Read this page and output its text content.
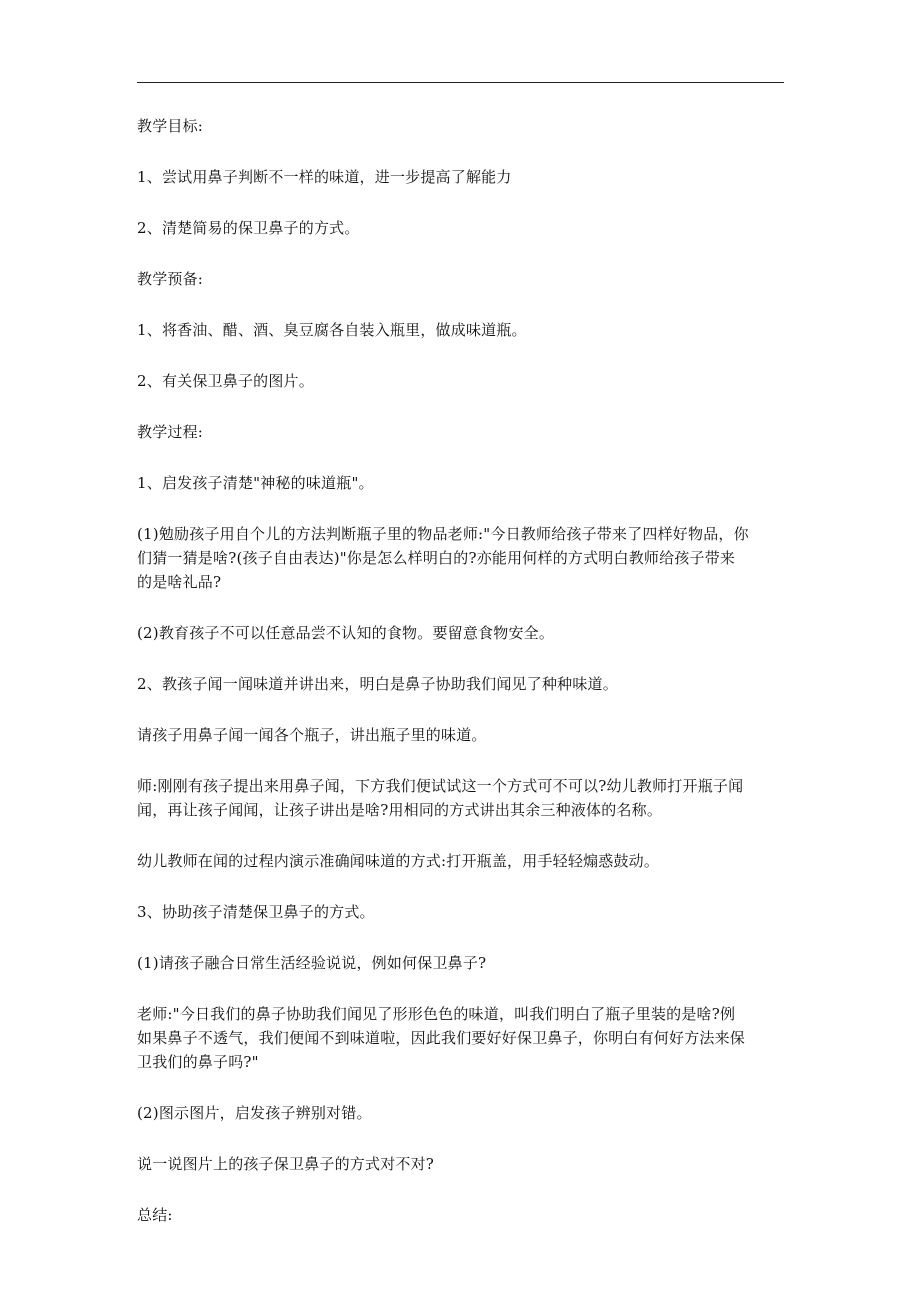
教学目标:
1、尝试用鼻子判断不一样的味道，进一步提高了解能力
2、清楚简易的保卫鼻子的方式。
教学预备:
1、将香油、醋、酒、臭豆腐各自装入瓶里，做成味道瓶。
2、有关保卫鼻子的图片。
教学过程:
1、启发孩子清楚"神秘的味道瓶"。
(1)勉励孩子用自个儿的方法判断瓶子里的物品老师:"今日教师给孩子带来了四样好物品，你
们猜一猜是啥?(孩子自由表达)"你是怎么样明白的?亦能用何样的方式明白教师给孩子带来
的是啥礼品?
(2)教育孩子不可以任意品尝不认知的食物。要留意食物安全。
2、教孩子闻一闻味道并讲出来，明白是鼻子协助我们闻见了种种味道。
请孩子用鼻子闻一闻各个瓶子，讲出瓶子里的味道。
师:刚刚有孩子提出来用鼻子闻，下方我们便试试这一个方式可不可以?幼儿教师打开瓶子闻
闻，再让孩子闻闻，让孩子讲出是啥?用相同的方式讲出其余三种液体的名称。
幼儿教师在闻的过程内演示准确闻味道的方式:打开瓶盖，用手轻轻煽惑鼓动。
3、协助孩子清楚保卫鼻子的方式。
(1)请孩子融合日常生活经验说说，例如何保卫鼻子?
老师:"今日我们的鼻子协助我们闻见了形形色色的味道，叫我们明白了瓶子里装的是啥?例
如果鼻子不透气，我们便闻不到味道啦，因此我们要好好保卫鼻子，你明白有何好方法来保
卫我们的鼻子吗?"
(2)图示图片，启发孩子辨别对错。
说一说图片上的孩子保卫鼻子的方式对不对?
总结:
